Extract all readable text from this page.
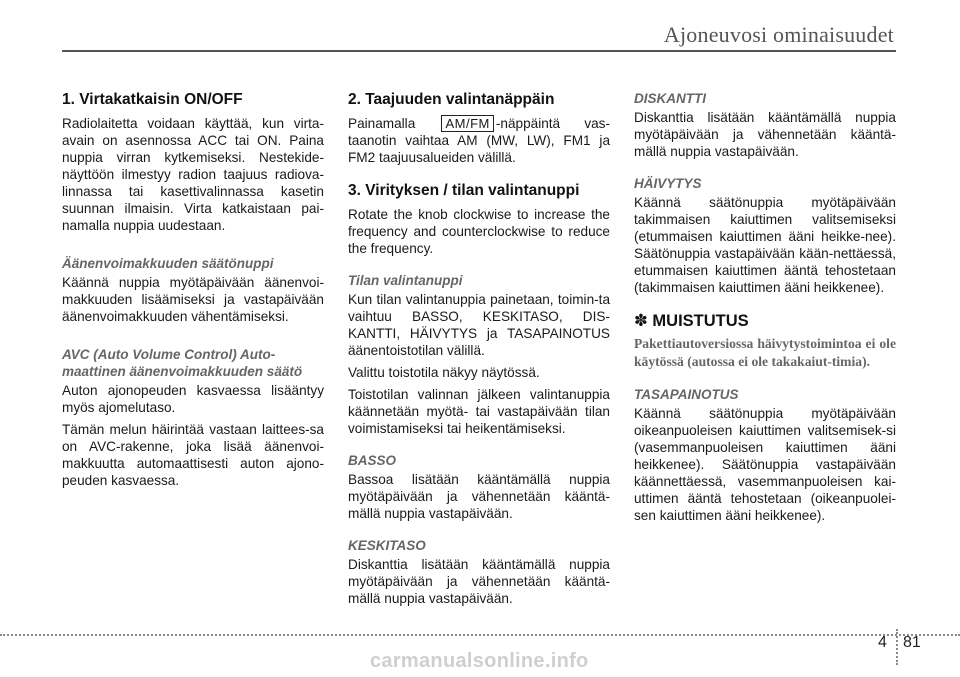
Ajoneuvosi ominaisuudet
1. Virtakatkaisin ON/OFF

Radiolaitetta voidaan käyttää, kun virta-avain on asennossa ACC tai ON. Paina nuppia virran kytkemiseksi. Nestekide-näyttöön ilmestyy radion taajuus radiova-linnassa tai kasettivalinnassa kasetin suunnan ilmaisin. Virta katkaistaan pai-namalla nuppia uudestaan.

Äänenvoimakkuuden säätönuppi

Käännä nuppia myötäpäivään äänenvoi-makkuuden lisäämiseksi ja vastapäivään äänenvoimakkuuden vähentämiseksi.

AVC (Auto Volume Control) Auto-maattinen äänenvoimakkuuden säätö

Auton ajonopeuden kasvaessa lisääntyy myös ajomelutaso.

Tämän melun häirintää vastaan laittees-sa on AVC-rakenne, joka lisää äänenvoi-makkuutta automaattisesti auton ajono-peuden kasvaessa.

2. Taajuuden valintanäppäin

Painamalla AM/FM -näppäintä vas-taanotin vaihtaa AM (MW, LW), FM1 ja FM2 taajuusalueiden välillä.

3. Virityksen / tilan valintanuppi

Rotate the knob clockwise to increase the frequency and counterclockwise to reduce the frequency.

Tilan valintanuppi

Kun tilan valintanuppia painetaan, toimin-ta vaihtuu BASSO, KESKITASO, DIS-KANTTI, HÄIVYTYS ja TASAPAINOTUS äänentoistotilan välillä.

Valittu toistotila näkyy näytössä.

Toistotilan valinnan jälkeen valintanuppia käännetään myötä- tai vastapäivään tilan voimistamiseksi tai heikentämiseksi.

BASSO

Bassoa lisätään kääntämällä nuppia myötäpäivään ja vähennetään kääntä-mällä nuppia vastapäivään.

KESKITASO

Diskanttia lisätään kääntämällä nuppia myötäpäivään ja vähennetään kääntä-mällä nuppia vastapäivään.

DISKANTTI

Diskanttia lisätään kääntämällä nuppia myötäpäivään ja vähennetään kääntä-mällä nuppia vastapäivään.

HÄIVYTYS

Käännä säätönuppia myötäpäivään takimmaisen kaiuttimen valitsemiseksi (etummaisen kaiuttimen ääni heikke-nee). Säätönuppia vastapäivään kään-nettäessä, etummaisen kaiuttimen ääntä tehostetaan (takimmaisen kaiuttimen ääni heikkenee).

✽ MUISTUTUS

Pakettiautoversiossa häivytystoimintoa ei ole käytössä (autossa ei ole takakaiut-timia).

TASAPAINOTUS

Käännä säätönuppia myötäpäivään oikeanpuoleisen kaiuttimen valitsemisek-si (vasemmanpuoleisen kaiuttimen ääni heikkenee). Säätönuppia vastapäivään käännettäessä, vasemmanpuoleisen kai-uttimen ääntä tehostetaan (oikeanpuolei-sen kaiuttimen ääni heikkenee).

4 81
carmanualsonline.info
